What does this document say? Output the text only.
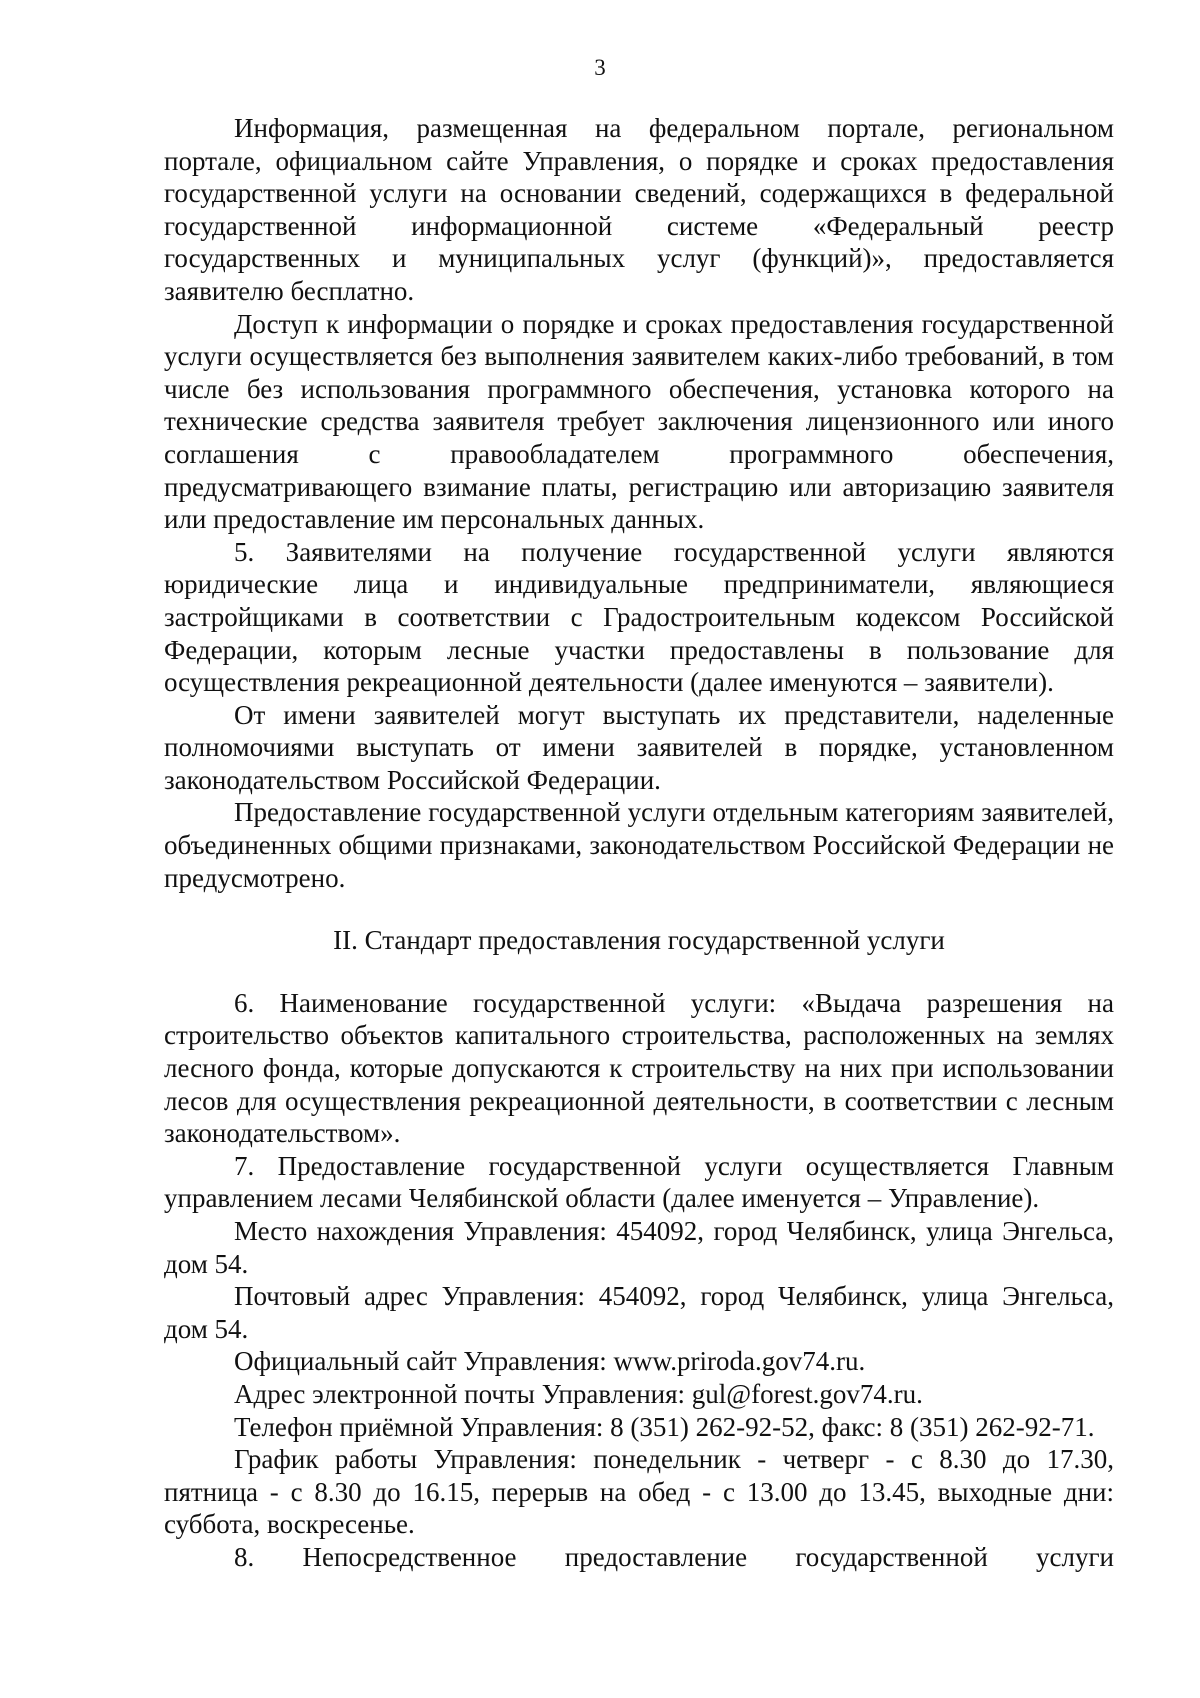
3

Информация, размещенная на федеральном портале, региональном портале, официальном сайте Управления, о порядке и сроках предоставления государственной услуги на основании сведений, содержащихся в федеральной государственной информационной системе «Федеральный реестр государственных и муниципальных услуг (функций)», предоставляется заявителю бесплатно.

Доступ к информации о порядке и сроках предоставления государственной услуги осуществляется без выполнения заявителем каких-либо требований, в том числе без использования программного обеспечения, установка которого на технические средства заявителя требует заключения лицензионного или иного соглашения с правообладателем программного обеспечения, предусматривающего взимание платы, регистрацию или авторизацию заявителя или предоставление им персональных данных.

5. Заявителями на получение государственной услуги являются юридические лица и индивидуальные предприниматели, являющиеся застройщиками в соответствии с Градостроительным кодексом Российской Федерации, которым лесные участки предоставлены в пользование для осуществления рекреационной деятельности (далее именуются – заявители).

От имени заявителей могут выступать их представители, наделенные полномочиями выступать от имени заявителей в порядке, установленном законодательством Российской Федерации.

Предоставление государственной услуги отдельным категориям заявителей, объединенных общими признаками, законодательством Российской Федерации не предусмотрено.

II. Стандарт предоставления государственной услуги

6. Наименование государственной услуги: «Выдача разрешения на строительство объектов капитального строительства, расположенных на землях лесного фонда, которые допускаются к строительству на них при использовании лесов для осуществления рекреационной деятельности, в соответствии с лесным законодательством».

7. Предоставление государственной услуги осуществляется Главным управлением лесами Челябинской области (далее именуется – Управление).

Место нахождения Управления: 454092, город Челябинск, улица Энгельса, дом 54.

Почтовый адрес Управления: 454092, город Челябинск, улица Энгельса, дом 54.

Официальный сайт Управления: www.priroda.gov74.ru.

Адрес электронной почты Управления: gul@forest.gov74.ru.

Телефон приёмной Управления: 8 (351) 262-92-52, факс: 8 (351) 262-92-71.

График работы Управления: понедельник - четверг - с 8.30 до 17.30, пятница - с 8.30 до 16.15, перерыв на обед - с 13.00 до 13.45, выходные дни: суббота, воскресенье.

8. Непосредственное предоставление государственной услуги
